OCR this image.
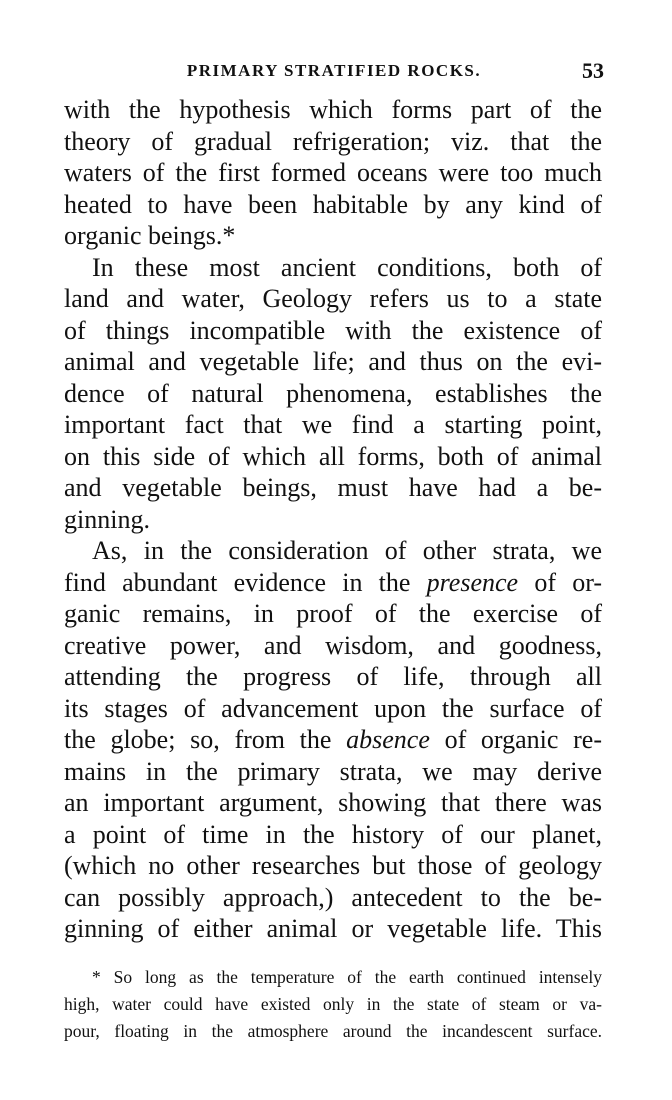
PRIMARY STRATIFIED ROCKS.	53
with the hypothesis which forms part of the
theory of gradual refrigeration; viz. that the
waters of the first formed oceans were too much
heated to have been habitable by any kind of
organic beings.*
In these most ancient conditions, both of
land and water, Geology refers us to a state
of things incompatible with the existence of
animal and vegetable life; and thus on the evi-
dence of natural phenomena, establishes the
important fact that we find a starting point,
on this side of which all forms, both of animal
and vegetable beings, must have had a be-
ginning.
As, in the consideration of other strata, we
find abundant evidence in the presence of or-
ganic remains, in proof of the exercise of
creative power, and wisdom, and goodness,
attending the progress of life, through all
its stages of advancement upon the surface of
the globe; so, from the absence of organic re-
mains in the primary strata, we may derive
an important argument, showing that there was
a point of time in the history of our planet,
(which no other researches but those of geology
can possibly approach,) antecedent to the be-
ginning of either animal or vegetable life. This
* So long as the temperature of the earth continued intensely
high, water could have existed only in the state of steam or va-
pour, floating in the atmosphere around the incandescent surface.
